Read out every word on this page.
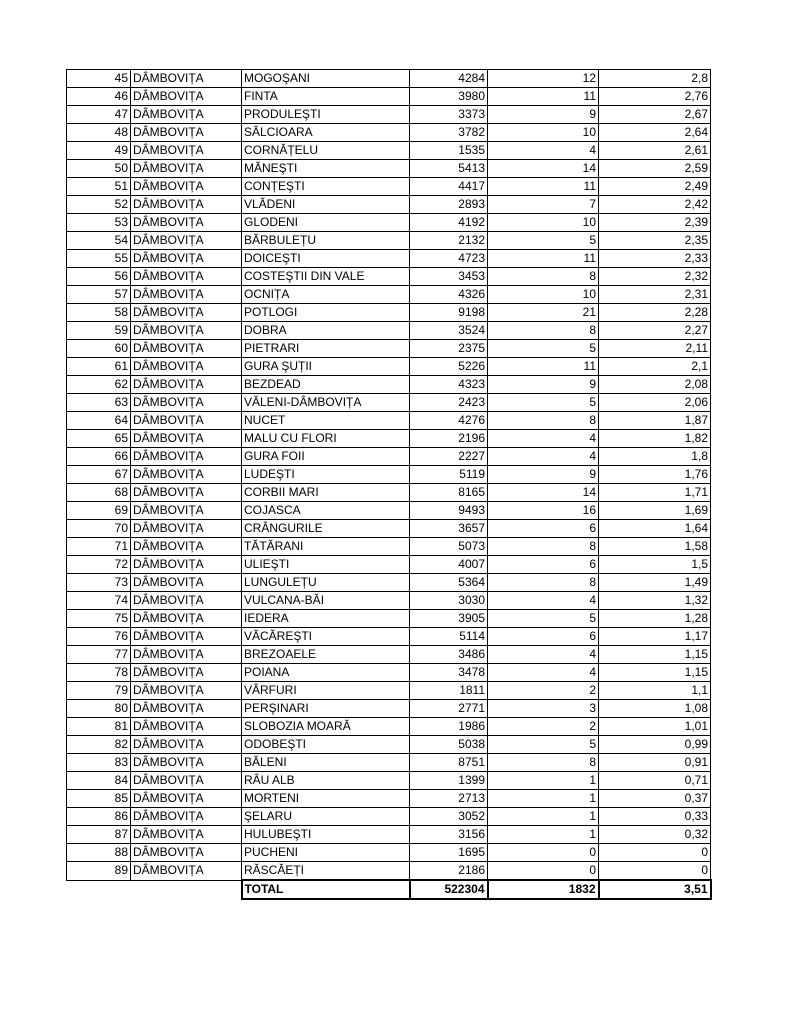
45	DÂMBOVIȚA	MOGOŞANI	4284	12	2,8
46	DÂMBOVIȚA	FINTA	3980	11	2,76
47	DÂMBOVIȚA	PRODULEŞTI	3373	9	2,67
48	DÂMBOVIȚA	SĂLCIOARA	3782	10	2,64
49	DÂMBOVIȚA	CORNĂȚELU	1535	4	2,61
50	DÂMBOVIȚA	MĂNEŞTI	5413	14	2,59
51	DÂMBOVIȚA	CONȚEŞTI	4417	11	2,49
52	DÂMBOVIȚA	VLĂDENI	2893	7	2,42
53	DÂMBOVIȚA	GLODENI	4192	10	2,39
54	DÂMBOVIȚA	BĂRBULEȚU	2132	5	2,35
55	DÂMBOVIȚA	DOICEŞTI	4723	11	2,33
56	DÂMBOVIȚA	COSTEŞTII DIN VALE	3453	8	2,32
57	DÂMBOVIȚA	OCNIȚA	4326	10	2,31
58	DÂMBOVIȚA	POTLOGI	9198	21	2,28
59	DÂMBOVIȚA	DOBRA	3524	8	2,27
60	DÂMBOVIȚA	PIETRARI	2375	5	2,11
61	DÂMBOVIȚA	GURA ŞUȚII	5226	11	2,1
62	DÂMBOVIȚA	BEZDEAD	4323	9	2,08
63	DÂMBOVIȚA	VĂLENI-DÂMBOVIȚA	2423	5	2,06
64	DÂMBOVIȚA	NUCET	4276	8	1,87
65	DÂMBOVIȚA	MALU CU FLORI	2196	4	1,82
66	DÂMBOVIȚA	GURA FOII	2227	4	1,8
67	DÂMBOVIȚA	LUDEŞTI	5119	9	1,76
68	DÂMBOVIȚA	CORBII MARI	8165	14	1,71
69	DÂMBOVIȚA	COJASCA	9493	16	1,69
70	DÂMBOVIȚA	CRÂNGURILE	3657	6	1,64
71	DÂMBOVIȚA	TĂTĂRANI	5073	8	1,58
72	DÂMBOVIȚA	ULIEŞTI	4007	6	1,5
73	DÂMBOVIȚA	LUNGULEȚU	5364	8	1,49
74	DÂMBOVIȚA	VULCANA-BĂI	3030	4	1,32
75	DÂMBOVIȚA	IEDERA	3905	5	1,28
76	DÂMBOVIȚA	VĂCĂREŞTI	5114	6	1,17
77	DÂMBOVIȚA	BREZOAELE	3486	4	1,15
78	DÂMBOVIȚA	POIANA	3478	4	1,15
79	DÂMBOVIȚA	VÂRFURI	1811	2	1,1
80	DÂMBOVIȚA	PERŞINARI	2771	3	1,08
81	DÂMBOVIȚA	SLOBOZIA MOARĂ	1986	2	1,01
82	DÂMBOVIȚA	ODOBEŞTI	5038	5	0,99
83	DÂMBOVIȚA	BĂLENI	8751	8	0,91
84	DÂMBOVIȚA	RÂU ALB	1399	1	0,71
85	DÂMBOVIȚA	MORTENI	2713	1	0,37
86	DÂMBOVIȚA	ŞELARU	3052	1	0,33
87	DÂMBOVIȚA	HULUBEŞTI	3156	1	0,32
88	DÂMBOVIȚA	PUCHENI	1695	0	0
89	DÂMBOVIȚA	RĂSCĂEȚI	2186	0	0
		TOTAL	522304	1832	3,51
